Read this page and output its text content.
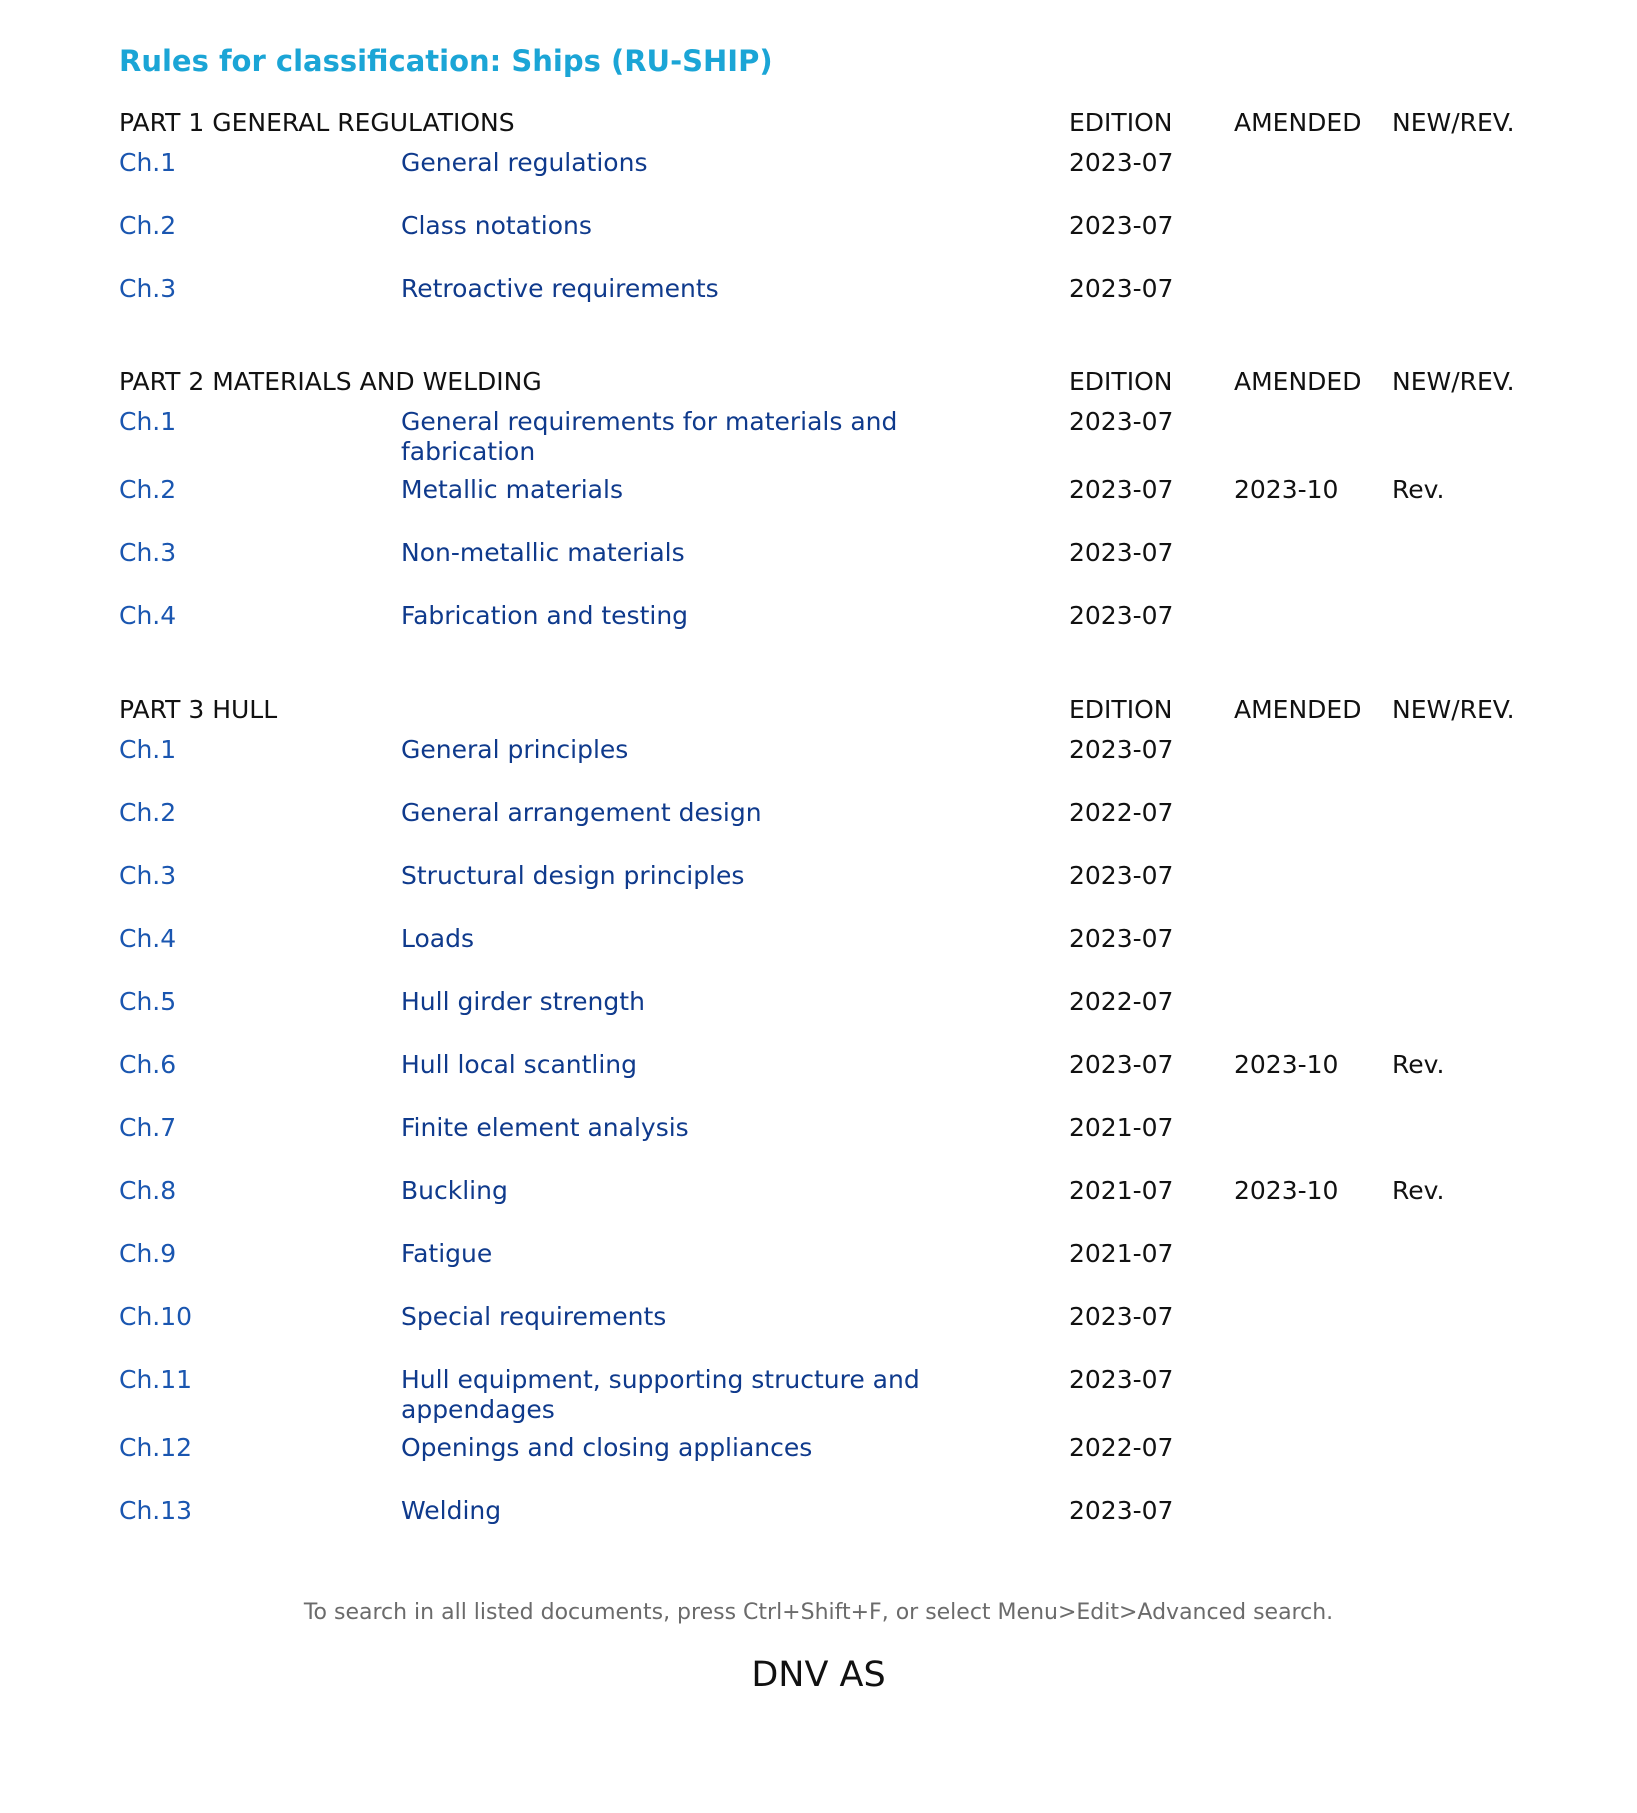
Rules for classification: Ships (RU-SHIP)
PART 1 GENERAL REGULATIONS	EDITION AMENDED NEW/REV.
Ch.1	General regulations	2023-07
Ch.2	Class notations	2023-07
Ch.3	Retroactive requirements	2023-07
PART 2 MATERIALS AND WELDING	EDITION AMENDED NEW/REV.
Ch.1	General requirements for materials and fabrication
2023-07
Ch.2	Metallic materials	2023-07 2023-10 Rev.
Ch.3	Non-metallic materials	2023-07
Ch.4	Fabrication and testing	2023-07
PART 3 HULL	EDITION AMENDED NEW/REV.
Ch.1	General principles	2023-07
Ch.2	General arrangement design	2022-07
Ch.3	Structural design principles	2023-07
Ch.4	Loads	2023-07
Ch.5	Hull girder strength	2022-07
Ch.6	Hull local scantling	2023-07 2023-10 Rev.
Ch.7	Finite element analysis	2021-07
Ch.8	Buckling	2021-07 2023-10 Rev.
Ch.9	Fatigue	2021-07
Ch.10	Special requirements	2023-07
Ch.11	Hull equipment, supporting structure and appendages
2023-07
Ch.12	Openings and closing appliances	2022-07
Ch.13	Welding	2023-07
To search in all listed documents, press Ctrl+Shift+F, or select Menu>Edit>Advanced search.
DNV AS
